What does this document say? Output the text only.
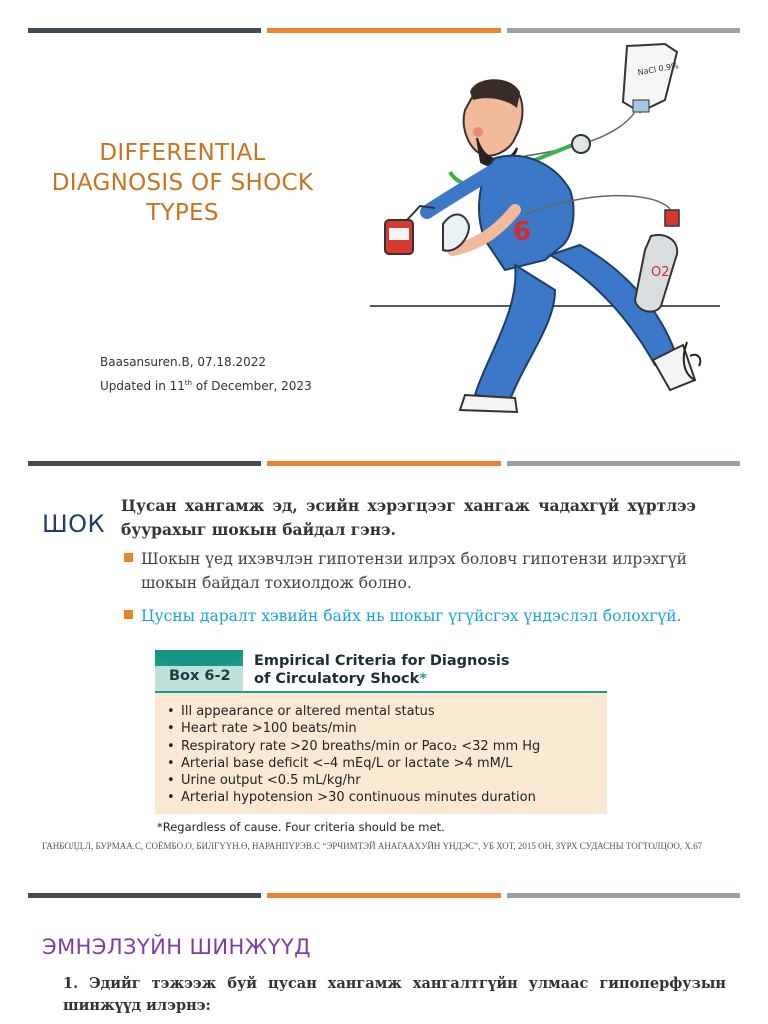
DIFFERENTIAL DIAGNOSIS OF SHOCK TYPES
Baasansuren.B, 07.18.2022
Updated in 11th of December, 2023
NaCl 0.9%
6
O2
ШОК
Цусан хангамж эд, эсийн хэрэгцээг хангаж чадахгүй хүртлээ буурахыг шокын байдал гэнэ.
Шокын үед ихэвчлэн гипотензи илрэх боловч гипотензи илрэхгүй шокын байдал тохиолдож болно.
Цусны даралт хэвийн байх нь шокыг үгүйсгэх үндэслэл болохгүй.
Box 6-2
Empirical Criteria for Diagnosis
of Circulatory Shock*
• Ill appearance or altered mental status
• Heart rate >100 beats/min
• Respiratory rate >20 breaths/min or Paco₂ <32 mm Hg
• Arterial base deficit <–4 mEq/L or lactate >4 mM/L
• Urine output <0.5 mL/kg/hr
• Arterial hypotension >30 continuous minutes duration
*Regardless of cause. Four criteria should be met.
ГАНБОЛД.Л, БУРМАА.С, СОЁМБО.О, БИЛГҮҮН.Ө, НАРАНПҮРЭВ.С “ЭРЧИМТЭЙ АНАГААХУЙН ҮНДЭС”, УБ ХОТ, 2015 ОН, ЗҮРХ СУДАСНЫ ТОГТОЛЦОО, Х.67
ЭМНЭЛЗҮЙН ШИНЖҮҮД
1. Эдийг тэжээж буй цусан хангамж хангалтгүйн улмаас гипоперфузын шинжүүд илэрнэ:
